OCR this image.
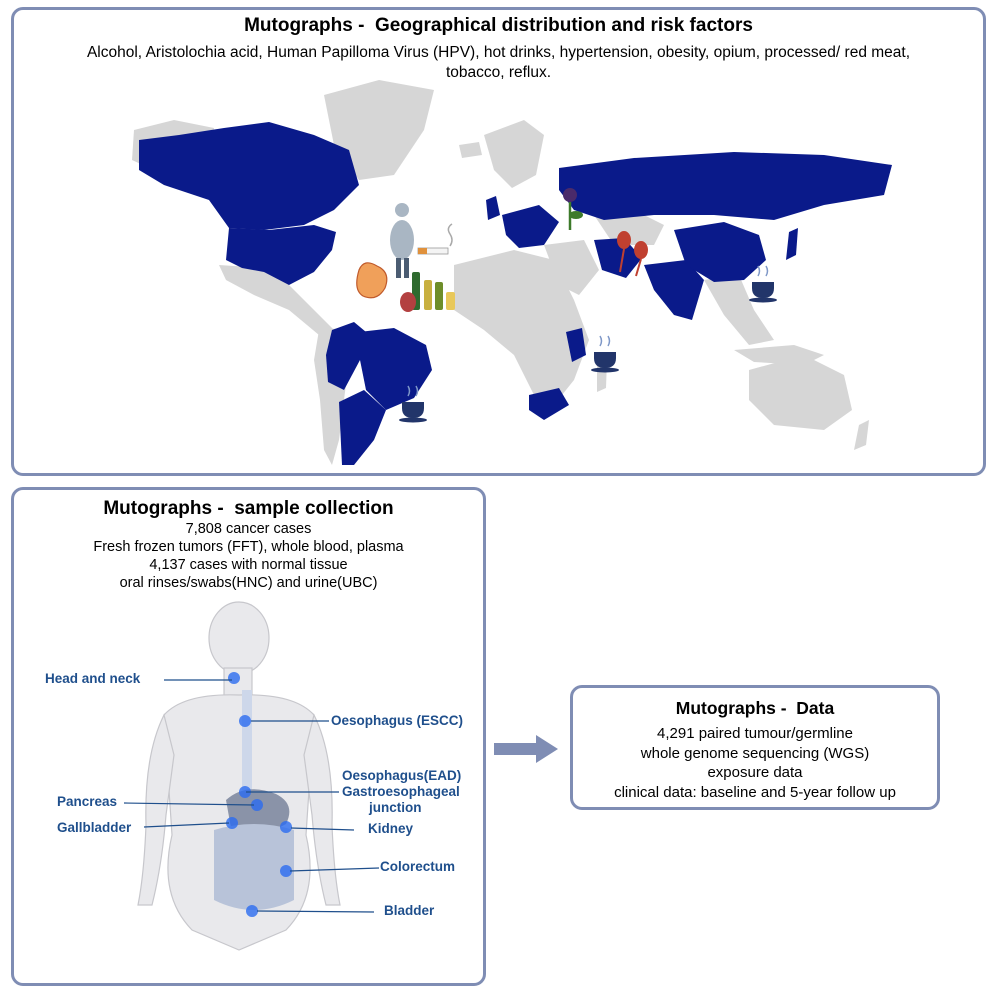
Mutographs -  Geographical distribution and risk factors
Alcohol, Aristolochia acid, Human Papilloma Virus (HPV), hot drinks, hypertension, obesity, opium, processed/ red meat, tobacco, reflux.
Mutographs -  sample collection
7,808 cancer cases
Fresh frozen tumors (FFT), whole blood, plasma
4,137 cases with normal tissue
oral rinses/swabs(HNC) and urine(UBC)
Head and neck
Oesophagus (ESCC)
Oesophagus(EAD)
Gastroesophageal
junction
Pancreas
Gallbladder	Kidney
Colorectum
Bladder
Mutographs -  Data
4,291 paired tumour/germline
whole genome sequencing (WGS)
exposure data
clinical data: baseline and 5-year follow up
